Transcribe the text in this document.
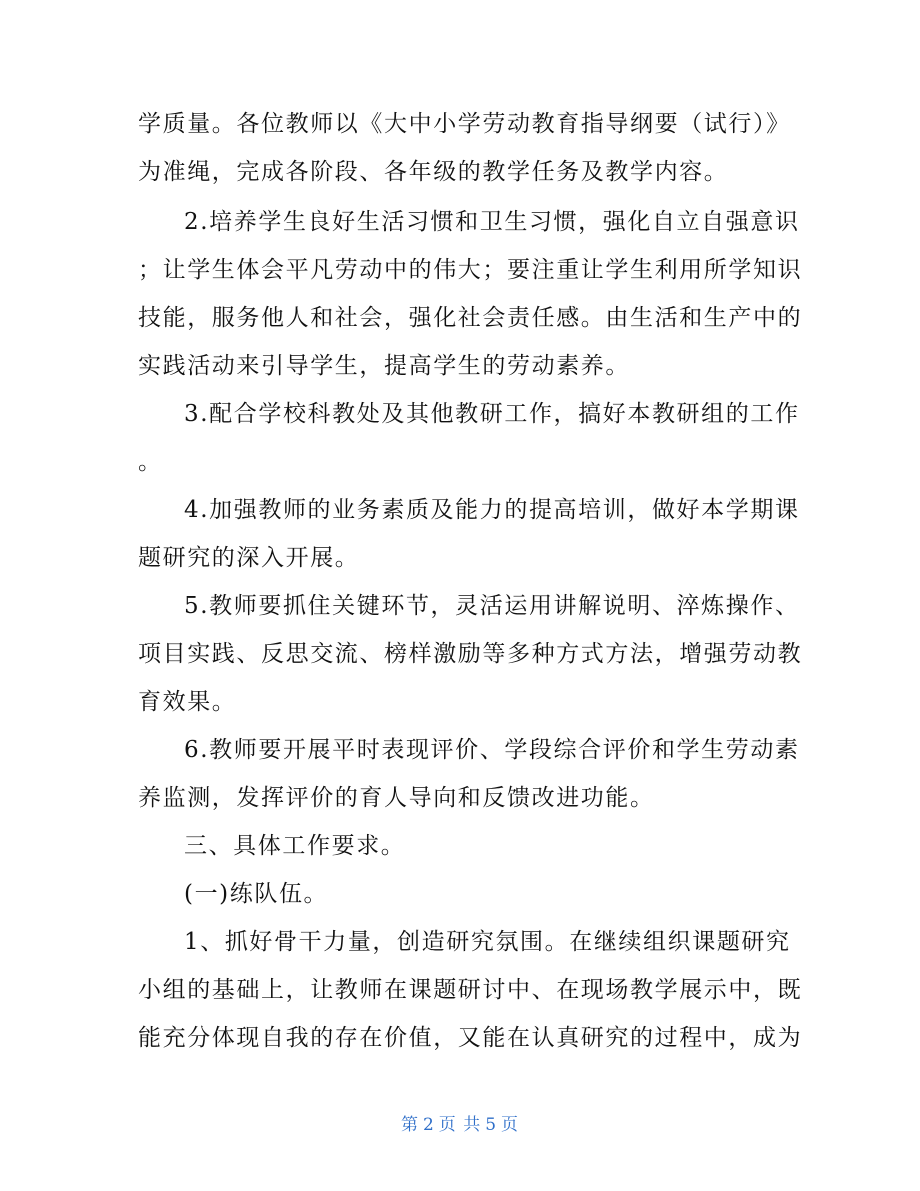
学质量。各位教师以《大中小学劳动教育指导纲要（试行）》
为准绳，完成各阶段、各年级的教学任务及教学内容。
2.培养学生良好生活习惯和卫生习惯，强化自立自强意识
；让学生体会平凡劳动中的伟大；要注重让学生利用所学知识
技能，服务他人和社会，强化社会责任感。由生活和生产中的
实践活动来引导学生，提高学生的劳动素养。
3.配合学校科教处及其他教研工作，搞好本教研组的工作
。
4.加强教师的业务素质及能力的提高培训，做好本学期课
题研究的深入开展。
5.教师要抓住关键环节，灵活运用讲解说明、淬炼操作、
项目实践、反思交流、榜样激励等多种方式方法，增强劳动教
育效果。
6.教师要开展平时表现评价、学段综合评价和学生劳动素
养监测，发挥评价的育人导向和反馈改进功能。
三、具体工作要求。
(一)练队伍。
1、抓好骨干力量，创造研究氛围。在继续组织课题研究
小组的基础上，让教师在课题研讨中、在现场教学展示中，既
能充分体现自我的存在价值，又能在认真研究的过程中，成为
第 2 页 共 5 页
